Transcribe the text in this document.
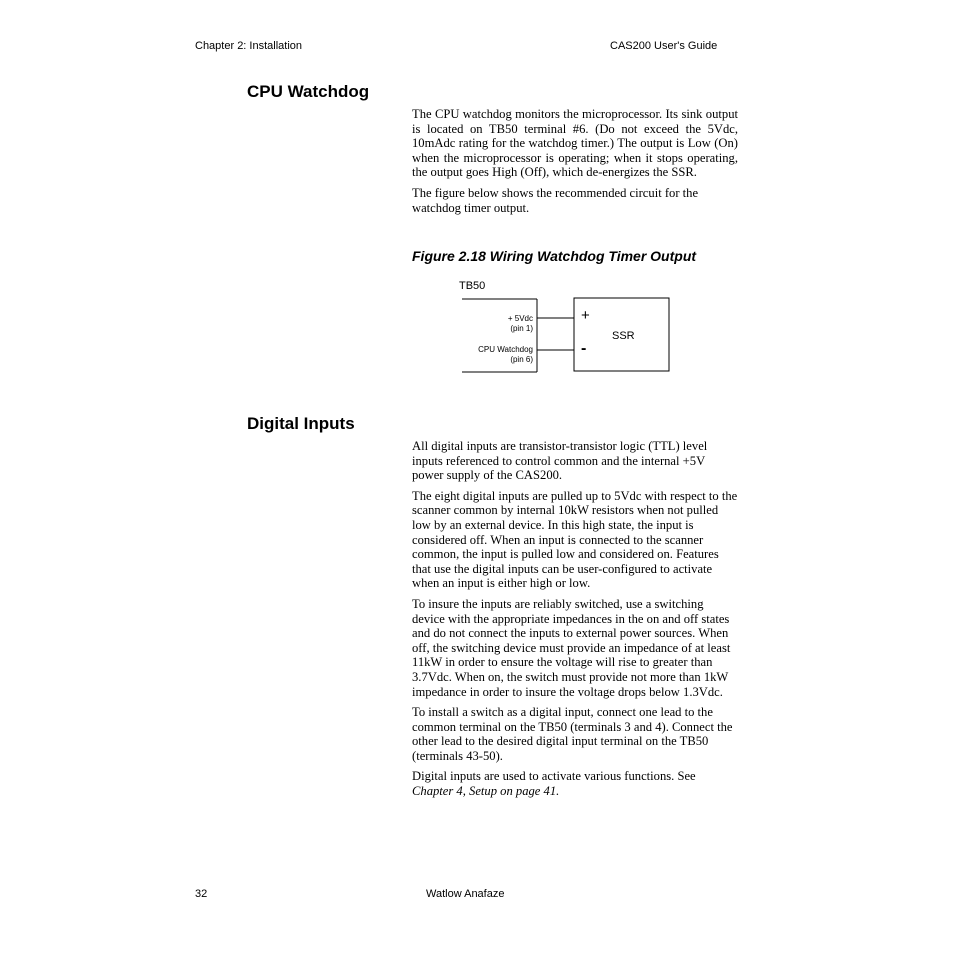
Chapter 2: Installation	CAS200 User's Guide
CPU Watchdog

The CPU watchdog monitors the microprocessor. Its sink output is located on TB50 terminal #6. (Do not exceed the 5Vdc, 10mAdc rating for the watchdog timer.) The output is Low (On) when the microprocessor is operating; when it stops operating, the output goes High (Off), which de-energizes the SSR.

The figure below shows the recommended circuit for the watchdog timer output.

Figure 2.18 Wiring Watchdog Timer Output
TB50
+ 5Vdc
(pin 1)
CPU Watchdog
(pin 6)
+
-
SSR
Digital Inputs

All digital inputs are transistor-transistor logic (TTL) level inputs referenced to control common and the internal +5V power supply of the CAS200.

The eight digital inputs are pulled up to 5Vdc with respect to the scanner common by internal 10kW resistors when not pulled low by an external device. In this high state, the input is considered off. When an input is connected to the scanner common, the input is pulled low and considered on. Features that use the digital inputs can be user-configured to activate when an input is either high or low.

To insure the inputs are reliably switched, use a switching device with the appropriate impedances in the on and off states and do not connect the inputs to external power sources. When off, the switching device must provide an impedance of at least 11kW in order to ensure the voltage will rise to greater than 3.7Vdc. When on, the switch must provide not more than 1kW impedance in order to insure the voltage drops below 1.3Vdc.

To install a switch as a digital input, connect one lead to the common terminal on the TB50 (terminals 3 and 4). Connect the other lead to the desired digital input terminal on the TB50 (terminals 43-50).

Digital inputs are used to activate various functions. See Chapter 4, Setup on page 41.

32	Watlow Anafaze
